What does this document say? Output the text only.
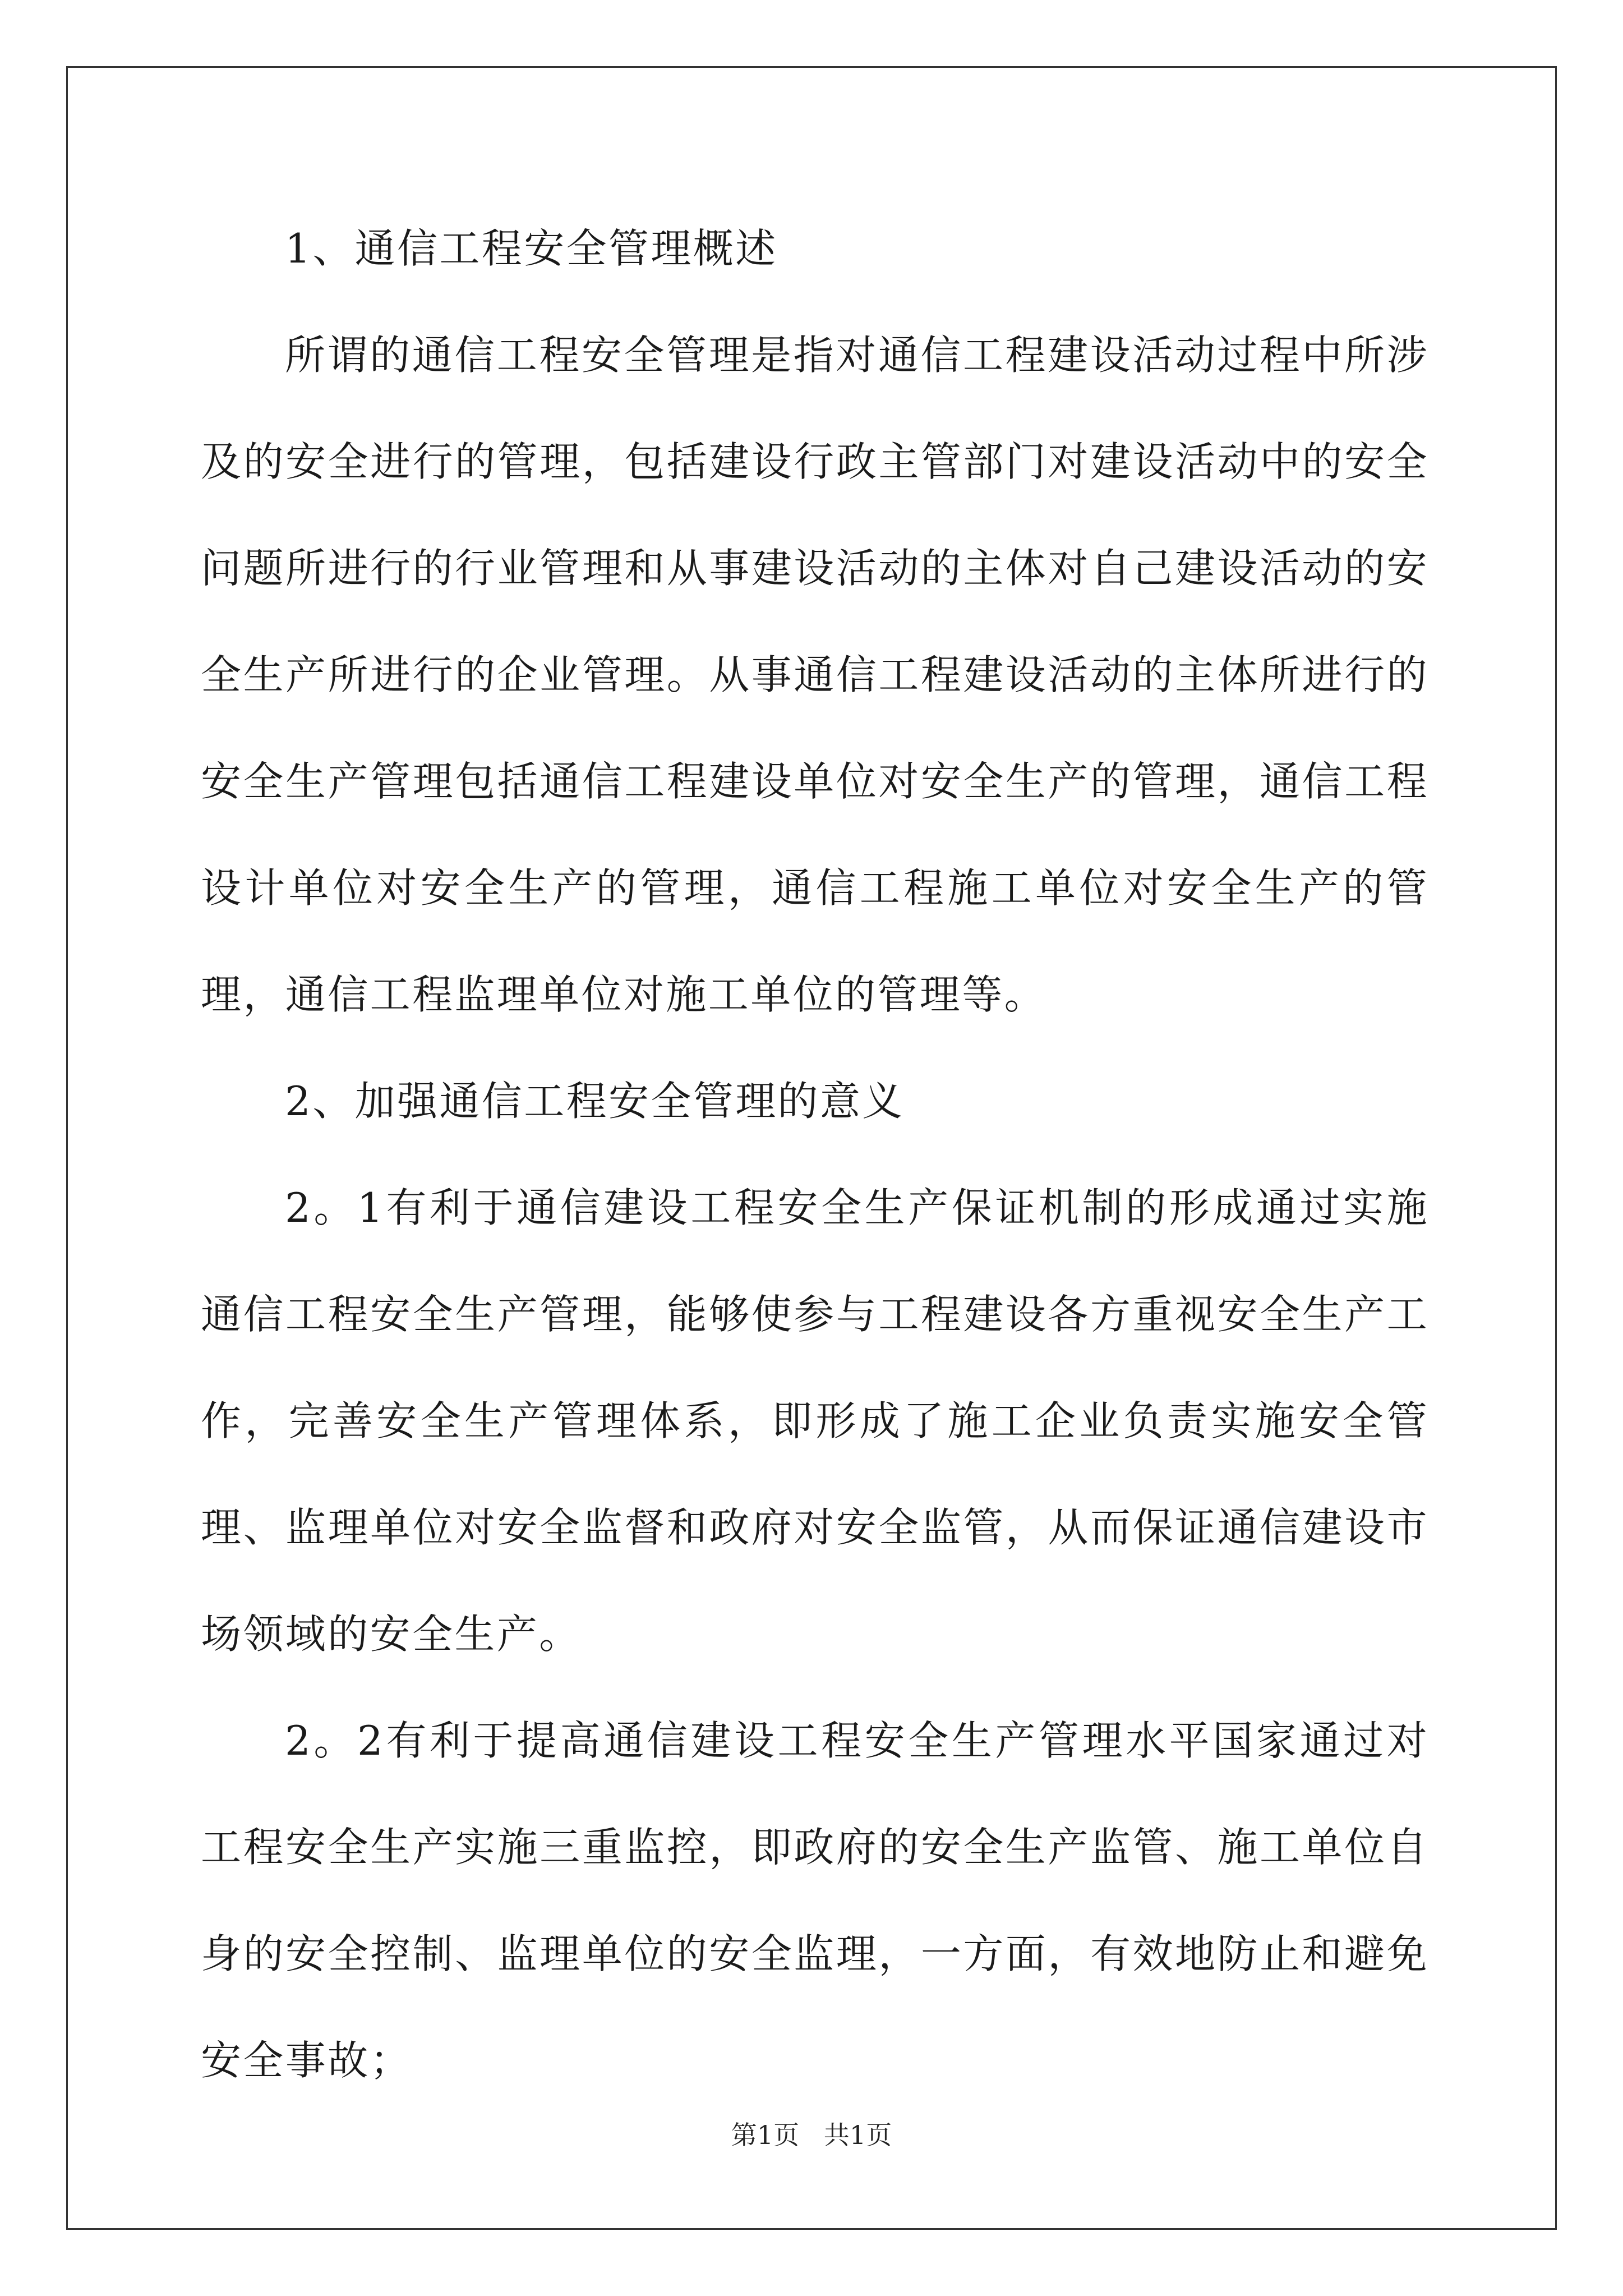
1、通信工程安全管理概述

所谓的通信工程安全管理是指对通信工程建设活动过程中所涉及的安全进行的管理，包括建设行政主管部门对建设活动中的安全问题所进行的行业管理和从事建设活动的主体对自己建设活动的安全生产所进行的企业管理。从事通信工程建设活动的主体所进行的安全生产管理包括通信工程建设单位对安全生产的管理，通信工程设计单位对安全生产的管理，通信工程施工单位对安全生产的管理，通信工程监理单位对施工单位的管理等。

2、加强通信工程安全管理的意义

2。1有利于通信建设工程安全生产保证机制的形成通过实施通信工程安全生产管理，能够使参与工程建设各方重视安全生产工作，完善安全生产管理体系，即形成了施工企业负责实施安全管理、监理单位对安全监督和政府对安全监管，从而保证通信建设市场领域的安全生产。

2。2有利于提高通信建设工程安全生产管理水平国家通过对工程安全生产实施三重监控，即政府的安全生产监管、施工单位自身的安全控制、监理单位的安全监理，一方面，有效地防止和避免安全事故；

第1页   共1页
